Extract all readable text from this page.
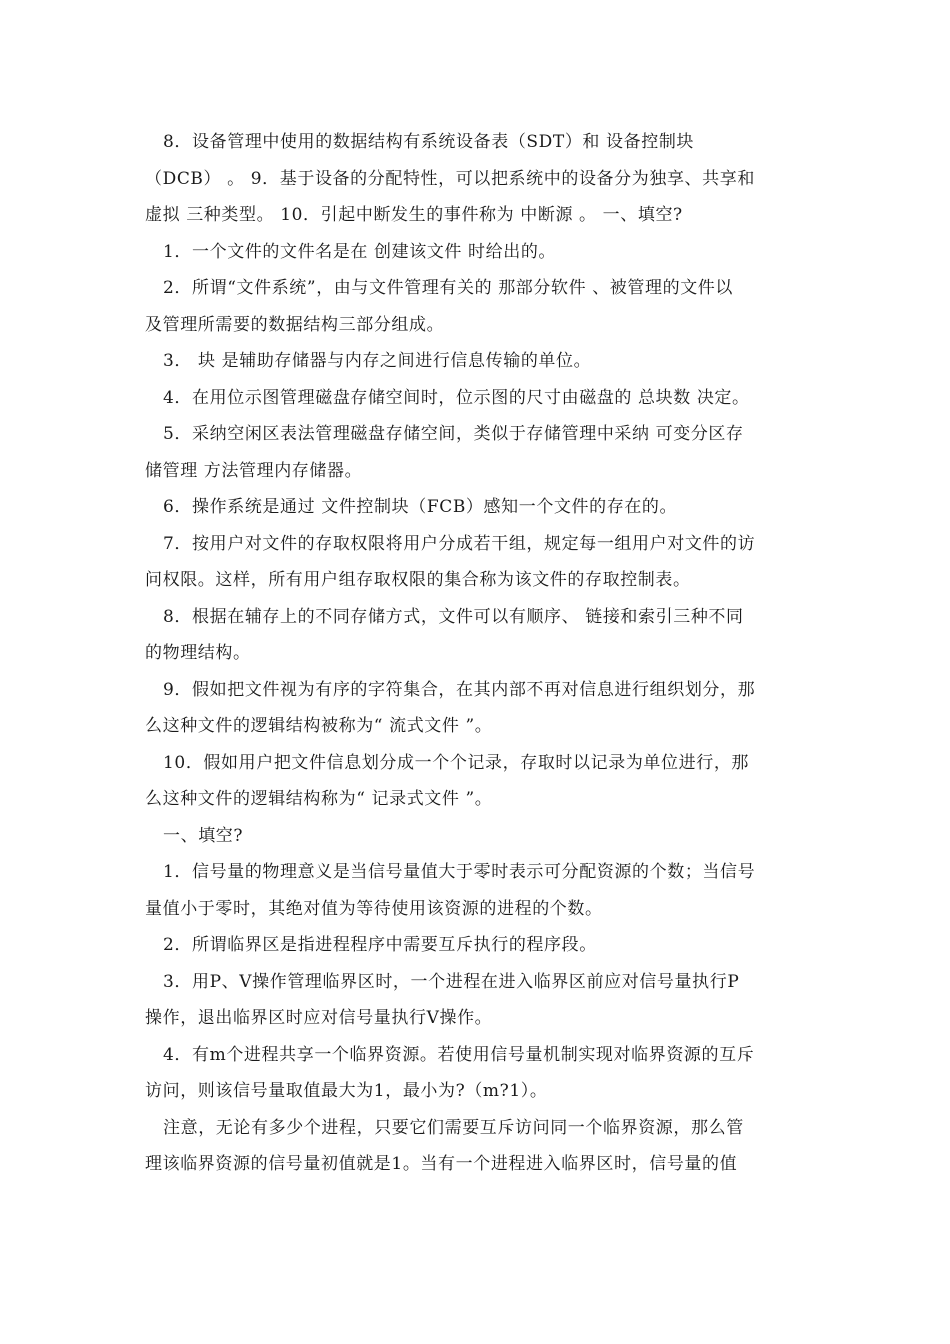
8．设备管理中使用的数据结构有系统设备表（SDT）和 设备控制块
（DCB） 。 9．基于设备的分配特性，可以把系统中的设备分为独享、共享和
虚拟 三种类型。 10．引起中断发生的事件称为 中断源 。 一、填空?
1．一个文件的文件名是在 创建该文件 时给出的。
2．所谓“文件系统”，由与文件管理有关的 那部分软件 、被管理的文件以
及管理所需要的数据结构三部分组成。
3． 块 是辅助存储器与内存之间进行信息传输的单位。
4．在用位示图管理磁盘存储空间时，位示图的尺寸由磁盘的 总块数 决定。
5．采纳空闲区表法管理磁盘存储空间，类似于存储管理中采纳 可变分区存
储管理 方法管理内存储器。
6．操作系统是通过 文件控制块（FCB）感知一个文件的存在的。
7．按用户对文件的存取权限将用户分成若干组，规定每一组用户对文件的访
问权限。这样，所有用户组存取权限的集合称为该文件的存取控制表。
8．根据在辅存上的不同存储方式，文件可以有顺序、 链接和索引三种不同
的物理结构。
9．假如把文件视为有序的字符集合，在其内部不再对信息进行组织划分，那
么这种文件的逻辑结构被称为“ 流式文件 ”。
10．假如用户把文件信息划分成一个个记录，存取时以记录为单位进行，那
么这种文件的逻辑结构称为“ 记录式文件 ”。
一、填空?
1．信号量的物理意义是当信号量值大于零时表示可分配资源的个数；当信号
量值小于零时，其绝对值为等待使用该资源的进程的个数。
2．所谓临界区是指进程程序中需要互斥执行的程序段。
3．用P、V操作管理临界区时，一个进程在进入临界区前应对信号量执行P
操作，退出临界区时应对信号量执行V操作。
4．有m个进程共享一个临界资源。若使用信号量机制实现对临界资源的互斥
访问，则该信号量取值最大为1，最小为?（m?1）。
注意，无论有多少个进程，只要它们需要互斥访问同一个临界资源，那么管
理该临界资源的信号量初值就是1。当有一个进程进入临界区时，信号量的值
